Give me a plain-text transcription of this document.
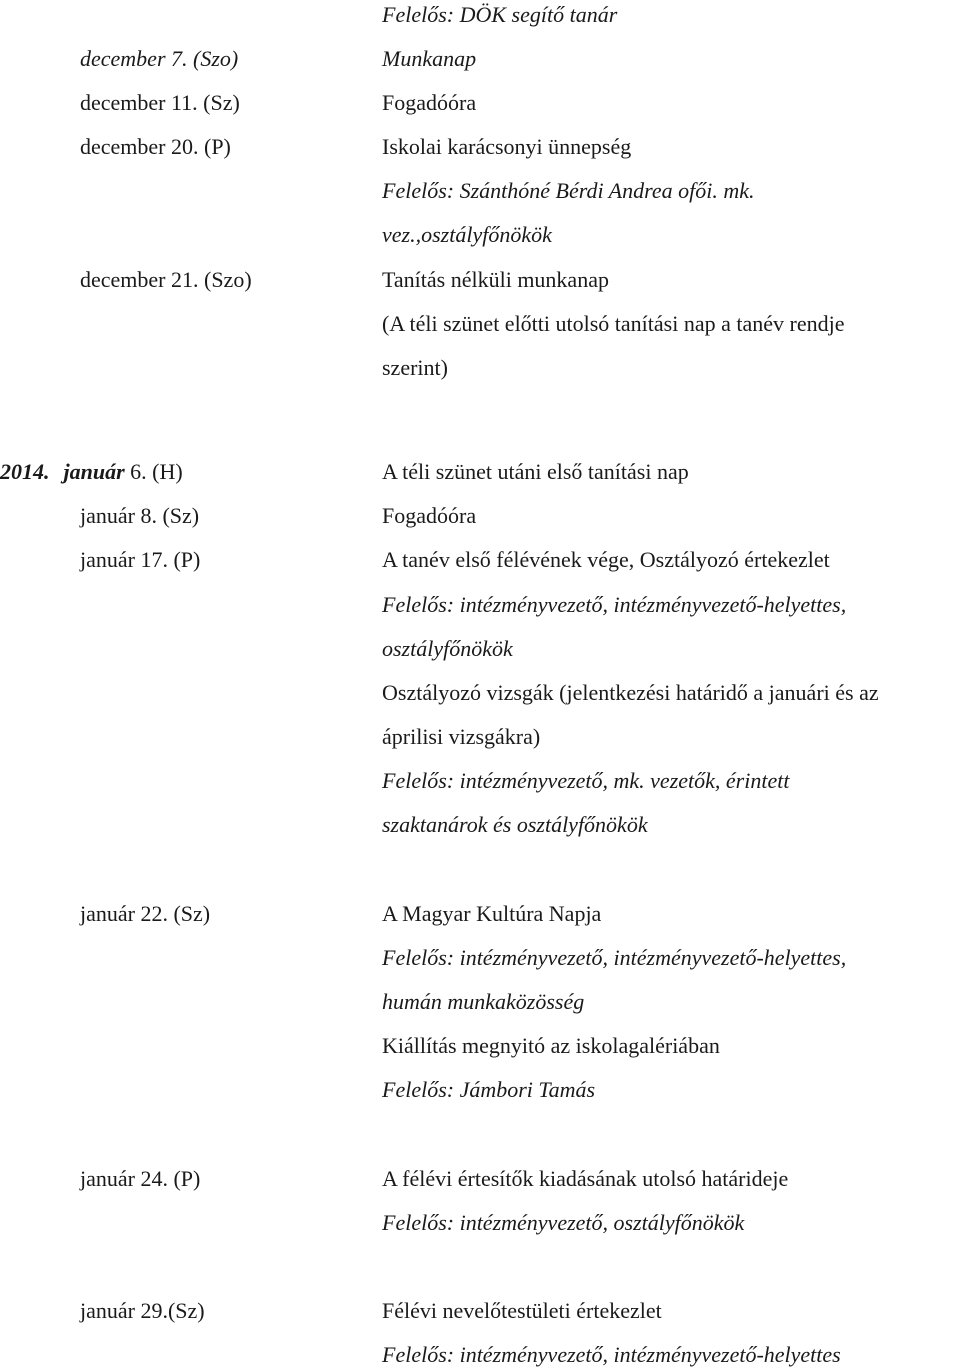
Felelős: DÖK segítő tanár
december 7. (Szo)	Munkanap
december 11. (Sz)	Fogadóóra
december 20. (P)	Iskolai karácsonyi ünnepség
Felelős: Szánthóné Bérdi Andrea ofői. mk.
vez.,osztályfőnökök
december 21. (Szo)	Tanítás nélküli munkanap
(A téli szünet előtti utolsó tanítási nap a tanév rendje
szerint)
2014. január 6. (H)	A téli szünet utáni első tanítási nap
január 8. (Sz)	Fogadóóra
január 17. (P)	A tanév első félévének vége, Osztályozó értekezlet
Felelős: intézményvezető, intézményvezető-helyettes,
osztályfőnökök
Osztályozó vizsgák (jelentkezési határidő a januári és az
áprilisi vizsgákra)
Felelős: intézményvezető, mk. vezetők, érintett
szaktanárok és osztályfőnökök
január 22. (Sz)	A Magyar Kultúra Napja
Felelős: intézményvezető, intézményvezető-helyettes,
humán munkaközösség
Kiállítás megnyitó az iskolagalériában
Felelős: Jámbori Tamás
január 24. (P)	A félévi értesítők kiadásának utolsó határideje
Felelős: intézményvezető, osztályfőnökök
január 29.(Sz)	Félévi nevelőtestületi értekezlet
Felelős: intézményvezető, intézményvezető-helyettes
